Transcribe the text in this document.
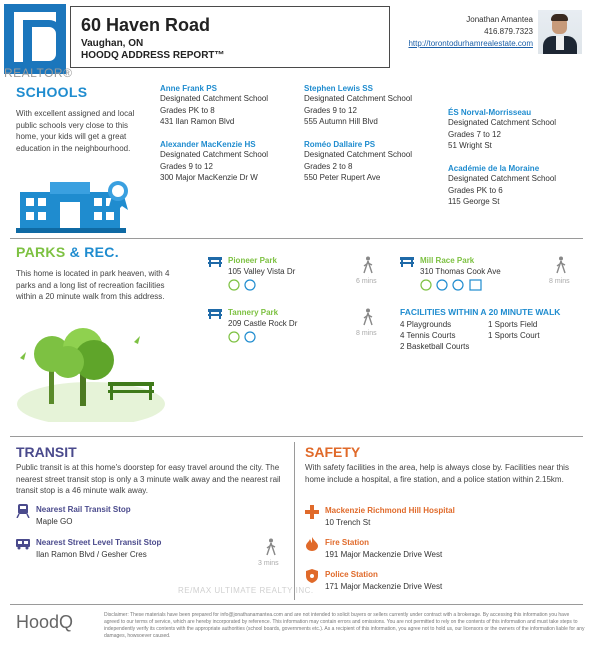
REALTOR®
60 Haven Road
Vaughan, ON
HOODQ ADDRESS REPORT™
Jonathan Amantea
416.879.7323
http://torontodurhamrealestate.com
SCHOOLS
With excellent assigned and local public schools very close to this home, your kids will get a great education in the neighbourhood.
Anne Frank PS
Designated Catchment School
Grades PK to 8
431 Ilan Ramon Blvd
Alexander MacKenzie HS
Designated Catchment School
Grades 9 to 12
300 Major MacKenzie Dr W
Stephen Lewis SS
Designated Catchment School
Grades 9 to 12
555 Autumn Hill Blvd
Roméo Dallaire PS
Designated Catchment School
Grades 2 to 8
550 Peter Rupert Ave
ÉS Norval-Morrisseau
Designated Catchment School
Grades 7 to 12
51 Wright St
Académie de la Moraine
Designated Catchment School
Grades PK to 6
115 George St
PARKS & REC.
This home is located in park heaven, with 4 parks and a long list of recreation facilities within a 20 minute walk from this address.
Pioneer Park
105 Valley Vista Dr
6 mins
Mill Race Park
310 Thomas Cook Ave
8 mins
Tannery Park
209 Castle Rock Dr
8 mins
FACILITIES WITHIN A 20 MINUTE WALK
4 Playgrounds
4 Tennis Courts
2 Basketball Courts
1 Sports Field
1 Sports Court
TRANSIT
Public transit is at this home's doorstep for easy travel around the city. The nearest street transit stop is only a 3 minute walk away and the nearest rail transit stop is a 46 minute walk away.
Nearest Rail Transit Stop
Maple GO
Nearest Street Level Transit Stop
Ilan Ramon Blvd / Gesher Cres
3 mins
SAFETY
With safety facilities in the area, help is always close by. Facilities near this home include a hospital, a fire station, and a police station within 2.15km.
Mackenzie Richmond Hill Hospital
10 Trench St
Fire Station
191 Major Mackenzie Drive West
Police Station
171 Major Mackenzie Drive West
RE/MAX ULTIMATE REALTY INC.
HoodQ	Disclaimer: These materials have been prepared for info@jonathanamantea.com and are not intended to solicit buyers or sellers currently under contract with a brokerage. By accessing this information you have agreed to our terms of service, which are hereby incorporated by reference. This information may contain errors and omissions. You are not permitted to rely on the contents of this information and must take steps to independently verify its contents with the appropriate authorities (school boards, governments etc.). As a recipient of this information, you agree not to hold us, our licensors or the owners of the information liable for any damages, howsoever caused.
